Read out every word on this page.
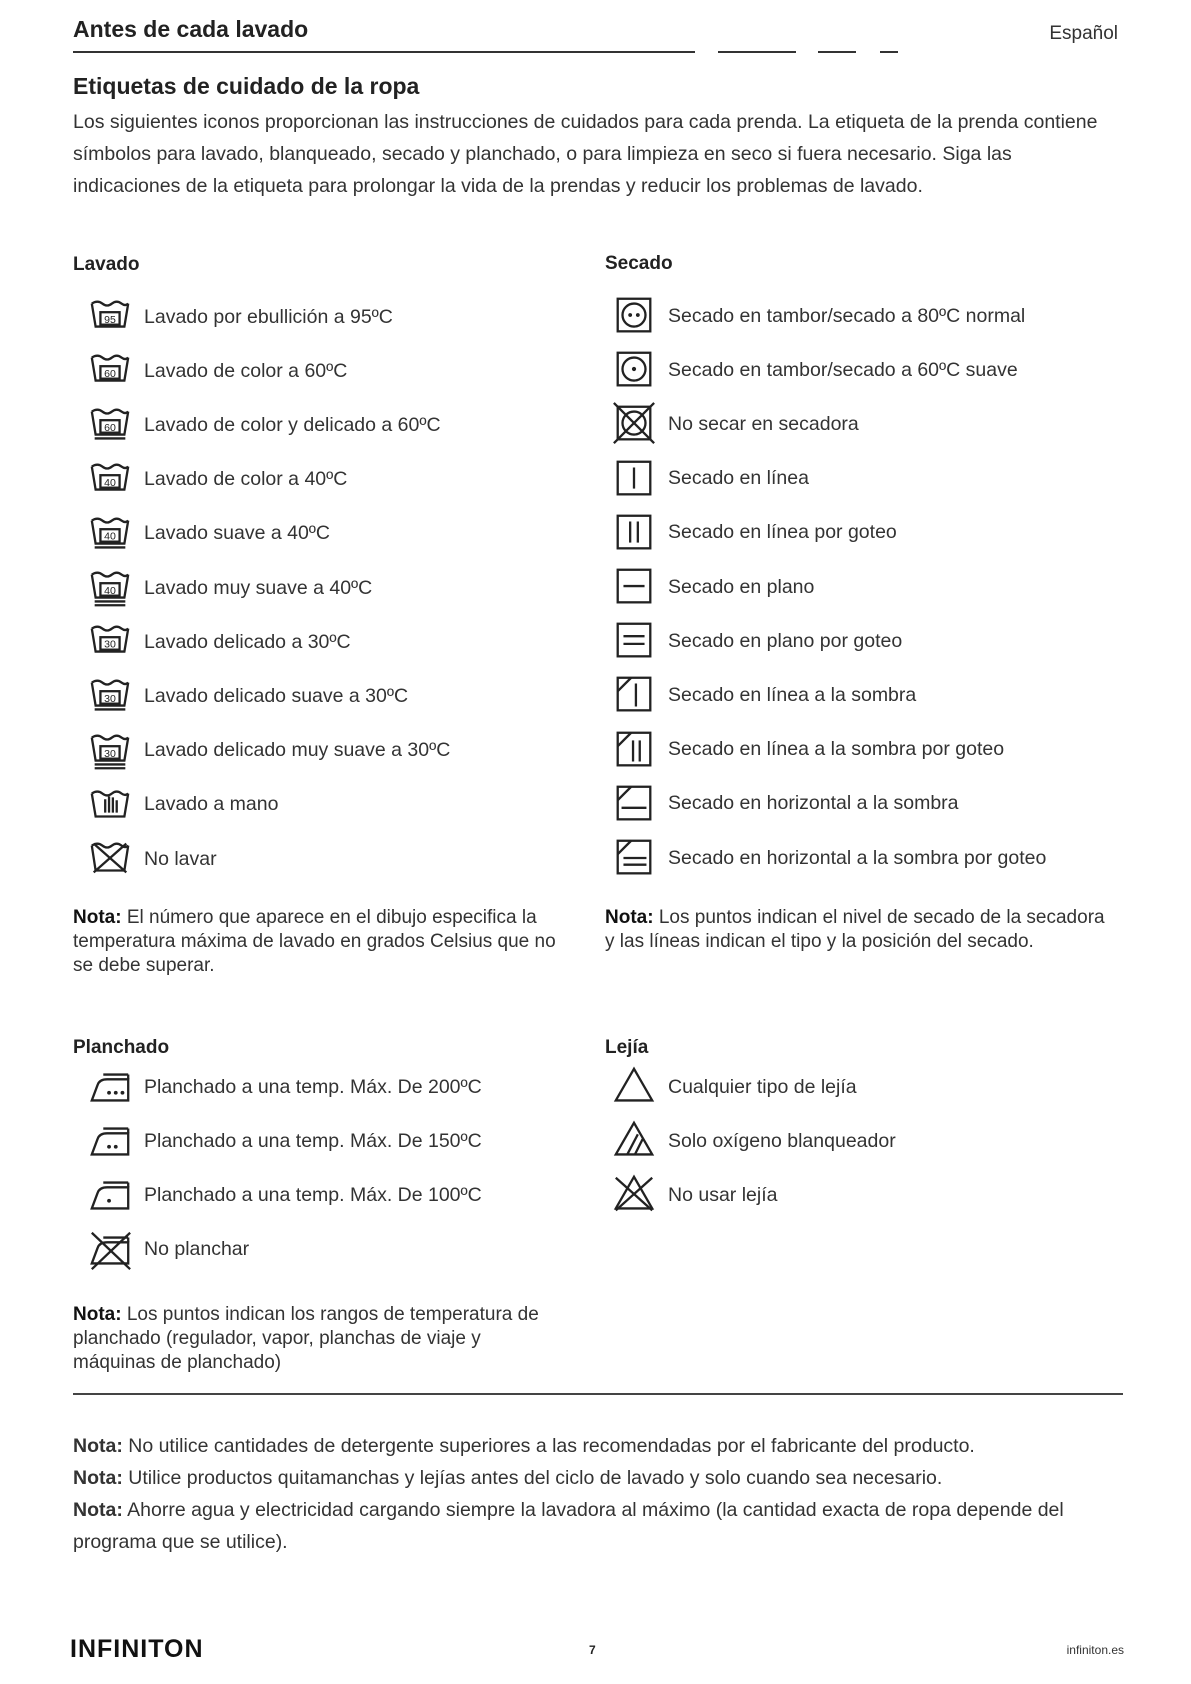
Antes de cada lavado	Español
Etiquetas de cuidado de la ropa
Los siguientes iconos proporcionan las instrucciones de cuidados para cada prenda. La etiqueta de la prenda contiene símbolos para lavado, blanqueado, secado y planchado, o para limpieza en seco si fuera necesario. Siga las indicaciones de la etiqueta para prolongar la vida de la prendas y reducir los problemas de lavado.
Lavado	Secado
Planchado	Lejía
95 Lavado por ebullición a 95ºC
60 Lavado de color a 60ºC
60 Lavado de color y delicado a 60ºC
40 Lavado de color a 40ºC
40 Lavado suave a 40ºC
40 Lavado muy suave a 40ºC
30 Lavado delicado a 30ºC
30 Lavado delicado suave a 30ºC
30 Lavado delicado muy suave a 30ºC
Lavado a mano
No lavar
Secado en tambor/secado a 80ºC normal
Secado en tambor/secado a 60ºC suave
No secar en secadora
Secado en línea
Secado en línea por goteo
Secado en plano
Secado en plano por goteo
Secado en línea a la sombra
Secado en línea a la sombra por goteo
Secado en horizontal a la sombra
Secado en horizontal a la sombra por goteo
Planchado a una temp. Máx. De 200ºC
Planchado a una temp. Máx. De 150ºC
Planchado a una temp. Máx. De 100ºC
No planchar
Cualquier tipo de lejía
Solo oxígeno blanqueador
No usar lejía
Nota: El número que aparece en el dibujo especifica la temperatura máxima de lavado en grados Celsius que no se debe superar.
Nota: Los puntos indican el nivel de secado de la secadora y las líneas indican el tipo y la posición del secado.
Nota: Los puntos indican los rangos de temperatura de planchado (regulador, vapor, planchas de viaje y máquinas de planchado)
Nota: No utilice cantidades de detergente superiores a las recomendadas por el fabricante del producto.
Nota: Utilice productos quitamanchas y lejías antes del ciclo de lavado y solo cuando sea necesario.
Nota: Ahorre agua y electricidad cargando siempre la lavadora al máximo (la cantidad exacta de ropa depende del programa que se utilice).
INFINITON	7	infiniton.es
